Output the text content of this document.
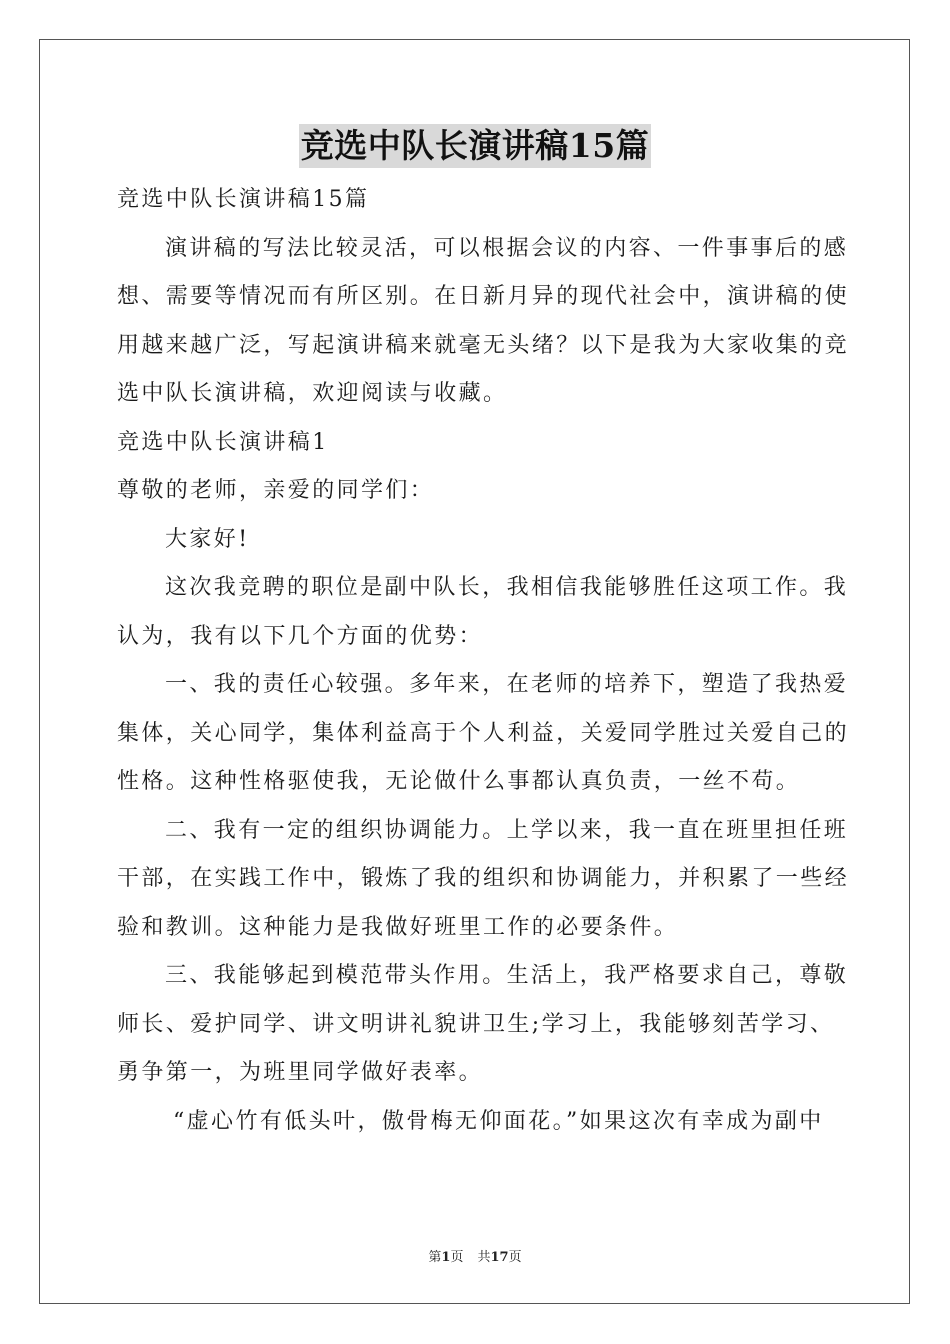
竞选中队长演讲稿15篇
竞选中队长演讲稿15篇
演讲稿的写法比较灵活，可以根据会议的内容、一件事事后的感
想、需要等情况而有所区别。在日新月异的现代社会中，演讲稿的使
用越来越广泛，写起演讲稿来就毫无头绪？以下是我为大家收集的竞
选中队长演讲稿，欢迎阅读与收藏。
竞选中队长演讲稿1
尊敬的老师，亲爱的同学们：
大家好!
这次我竞聘的职位是副中队长，我相信我能够胜任这项工作。我
认为，我有以下几个方面的优势：
一、我的责任心较强。多年来，在老师的培养下，塑造了我热爱
集体，关心同学，集体利益高于个人利益，关爱同学胜过关爱自己的
性格。这种性格驱使我，无论做什么事都认真负责，一丝不苟。
二、我有一定的组织协调能力。上学以来，我一直在班里担任班
干部，在实践工作中，锻炼了我的组织和协调能力，并积累了一些经
验和教训。这种能力是我做好班里工作的必要条件。
三、我能够起到模范带头作用。生活上，我严格要求自己，尊敬
师长、爱护同学、讲文明讲礼貌讲卫生;学习上，我能够刻苦学习、
勇争第一，为班里同学做好表率。
“虚心竹有低头叶，傲骨梅无仰面花。”如果这次有幸成为副中
第1页 共17页
